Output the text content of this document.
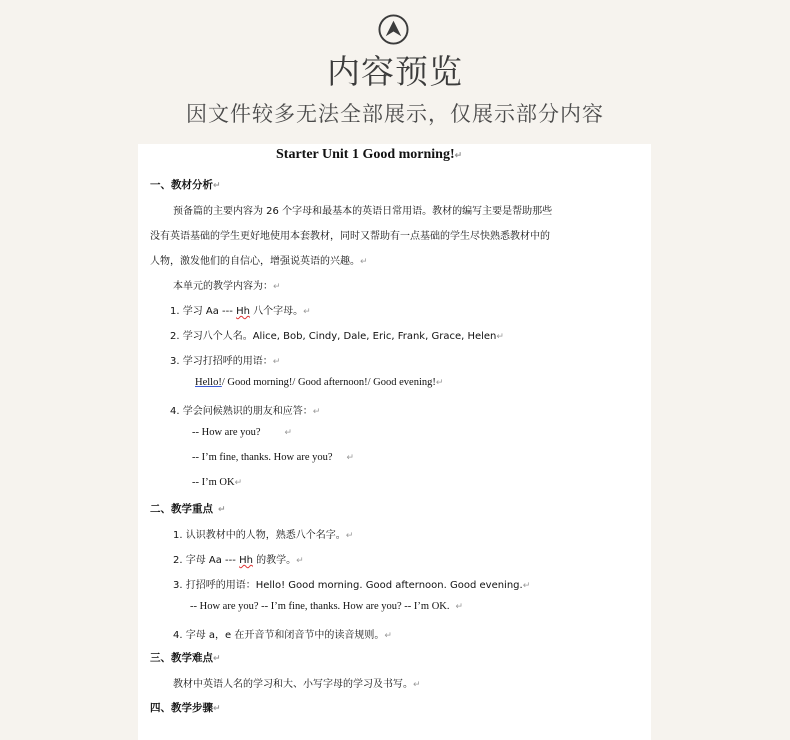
内容预览
因文件较多无法全部展示，仅展示部分内容
Starter Unit 1 Good morning!↵
一、教材分析↵
预备篇的主要内容为 26 个字母和最基本的英语日常用语。教材的编写主要是帮助那些
没有英语基础的学生更好地使用本套教材，同时又帮助有一点基础的学生尽快熟悉教材中的
人物，激发他们的自信心，增强说英语的兴趣。↵
本单元的教学内容为：↵
1. 学习 Aa --- Hh 八个字母。↵
2. 学习八个人名。Alice, Bob, Cindy, Dale, Eric, Frank, Grace, Helen↵
3. 学习打招呼的用语：↵
Hello!/ Good morning!/ Good afternoon!/ Good evening!↵
4. 学会问候熟识的朋友和应答：↵
-- How are you?	↵
-- I’m fine, thanks. How are you? ↵
-- I’m OK↵
二、教学重点 ↵
1. 认识教材中的人物，熟悉八个名字。↵
2. 字母 Aa --- Hh 的教学。↵
3. 打招呼的用语：Hello! Good morning. Good afternoon. Good evening.↵
-- How are you? -- I’m fine, thanks. How are you? -- I’m OK. ↵
4. 字母 a，e 在开音节和闭音节中的读音规则。↵
三、教学难点↵
教材中英语人名的学习和大、小写字母的学习及书写。↵
四、教学步骤↵
